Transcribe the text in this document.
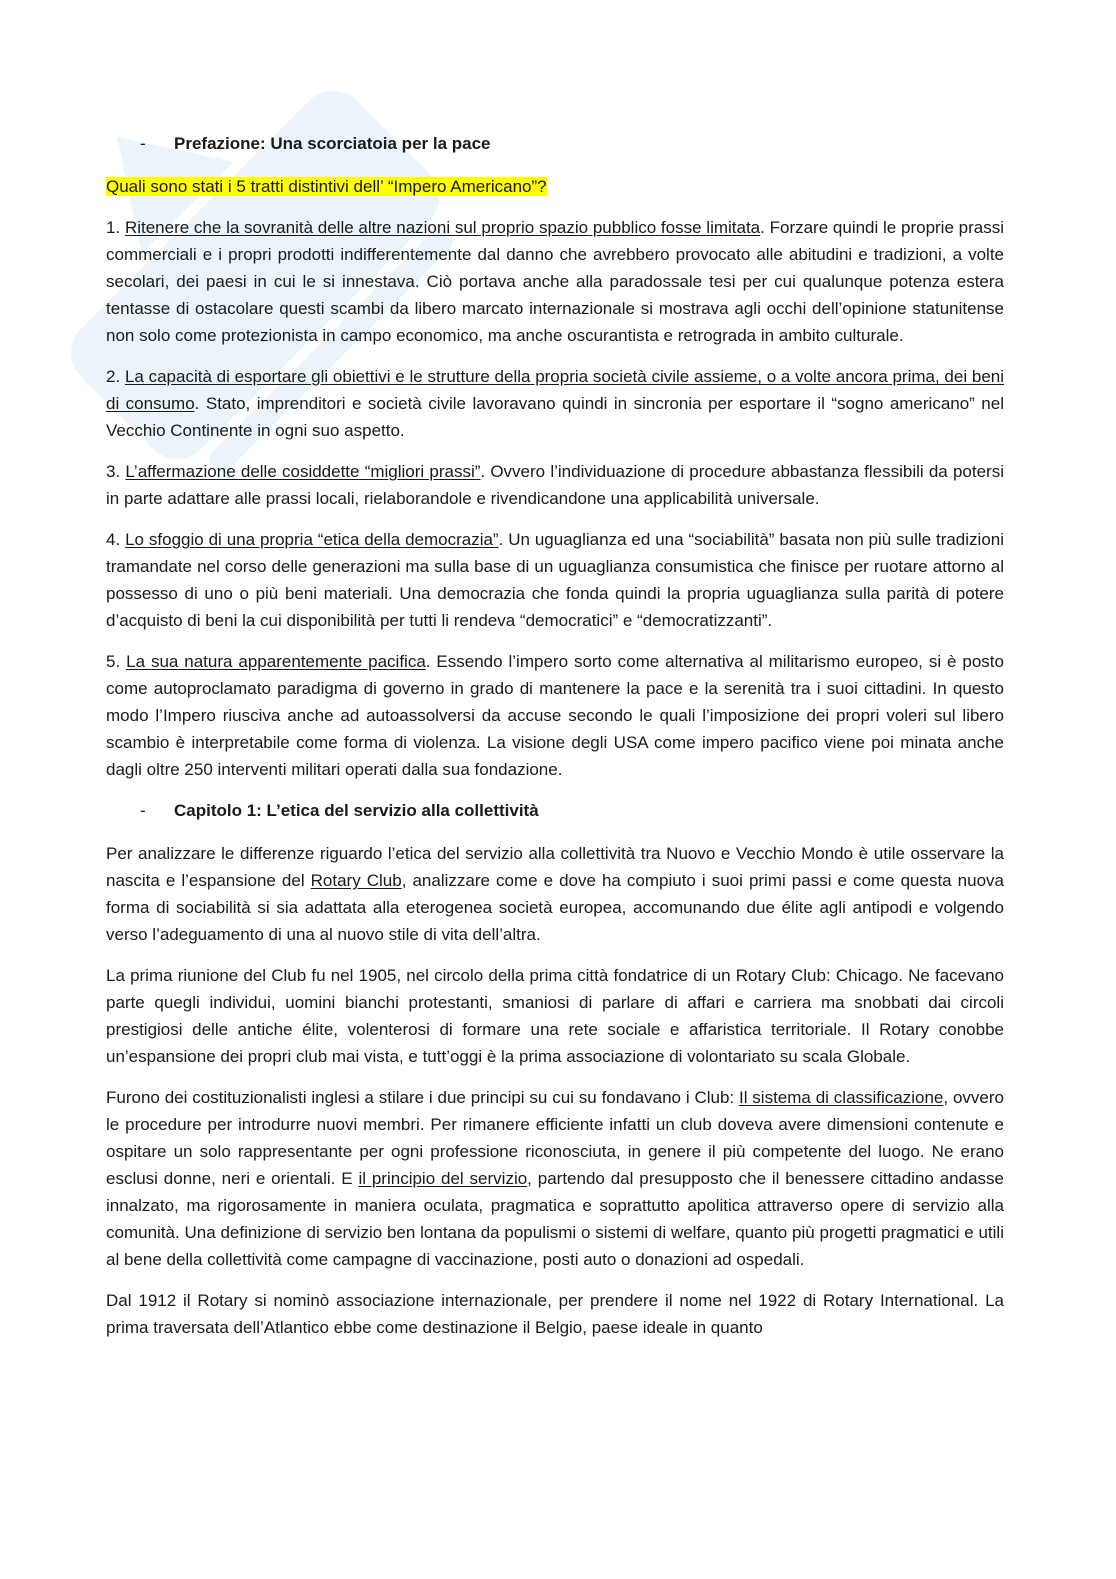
-	Prefazione: Una scorciatoia per la pace
Quali sono stati i 5 tratti distintivi dell’ “Impero Americano”?

1. Ritenere che la sovranità delle altre nazioni sul proprio spazio pubblico fosse limitata. Forzare quindi le proprie prassi commerciali e i propri prodotti indifferentemente dal danno che avrebbero provocato alle abitudini e tradizioni, a volte secolari, dei paesi in cui le si innestava. Ciò portava anche alla paradossale tesi per cui qualunque potenza estera tentasse di ostacolare questi scambi da libero marcato internazionale si mostrava agli occhi dell’opinione statunitense non solo come protezionista in campo economico, ma anche oscurantista e retrograda in ambito culturale.

2. La capacità di esportare gli obiettivi e le strutture della propria società civile assieme, o a volte ancora prima, dei beni di consumo. Stato, imprenditori e società civile lavoravano quindi in sincronia per esportare il “sogno americano” nel Vecchio Continente in ogni suo aspetto.

3. L’affermazione delle cosiddette “migliori prassi”. Ovvero l’individuazione di procedure abbastanza flessibili da potersi in parte adattare alle prassi locali, rielaborandole e rivendicandone una applicabilità universale.

4. Lo sfoggio di una propria “etica della democrazia”. Un uguaglianza ed una “sociabilità” basata non più sulle tradizioni tramandate nel corso delle generazioni ma sulla base di un uguaglianza consumistica che finisce per ruotare attorno al possesso di uno o più beni materiali. Una democrazia che fonda quindi la propria uguaglianza sulla parità di potere d’acquisto di beni la cui disponibilità per tutti li rendeva “democratici” e “democratizzanti”.

5. La sua natura apparentemente pacifica. Essendo l’impero sorto come alternativa al militarismo europeo, si è posto come autoproclamato paradigma di governo in grado di mantenere la pace e la serenità tra i suoi cittadini. In questo modo l’Impero riusciva anche ad autoassolversi da accuse secondo le quali l’imposizione dei propri voleri sul libero scambio è interpretabile come forma di violenza. La visione degli USA come impero pacifico viene poi minata anche dagli oltre 250 interventi militari operati dalla sua fondazione.

-	Capitolo 1: L’etica del servizio alla collettività

Per analizzare le differenze riguardo l’etica del servizio alla collettività tra Nuovo e Vecchio Mondo è utile osservare la nascita e l’espansione del Rotary Club, analizzare come e dove ha compiuto i suoi primi passi e come questa nuova forma di sociabilità si sia adattata alla eterogenea società europea, accomunando due élite agli antipodi e volgendo verso l’adeguamento di una al nuovo stile di vita dell’altra.

La prima riunione del Club fu nel 1905, nel circolo della prima città fondatrice di un Rotary Club: Chicago. Ne facevano parte quegli individui, uomini bianchi protestanti, smaniosi di parlare di affari e carriera ma snobbati dai circoli prestigiosi delle antiche élite, volenterosi di formare una rete sociale e affaristica territoriale. Il Rotary conobbe un’espansione dei propri club mai vista, e tutt’oggi è la prima associazione di volontariato su scala Globale.

Furono dei costituzionalisti inglesi a stilare i due principi su cui su fondavano i Club: Il sistema di classificazione, ovvero le procedure per introdurre nuovi membri. Per rimanere efficiente infatti un club doveva avere dimensioni contenute e ospitare un solo rappresentante per ogni professione riconosciuta, in genere il più competente del luogo. Ne erano esclusi donne, neri e orientali. E il principio del servizio, partendo dal presupposto che il benessere cittadino andasse innalzato, ma rigorosamente in maniera oculata, pragmatica e soprattutto apolitica attraverso opere di servizio alla comunità. Una definizione di servizio ben lontana da populismi o sistemi di welfare, quanto più progetti pragmatici e utili al bene della collettività come campagne di vaccinazione, posti auto o donazioni ad ospedali.

Dal 1912 il Rotary si nominò associazione internazionale, per prendere il nome nel 1922 di Rotary International. La prima traversata dell’Atlantico ebbe come destinazione il Belgio, paese ideale in quanto
